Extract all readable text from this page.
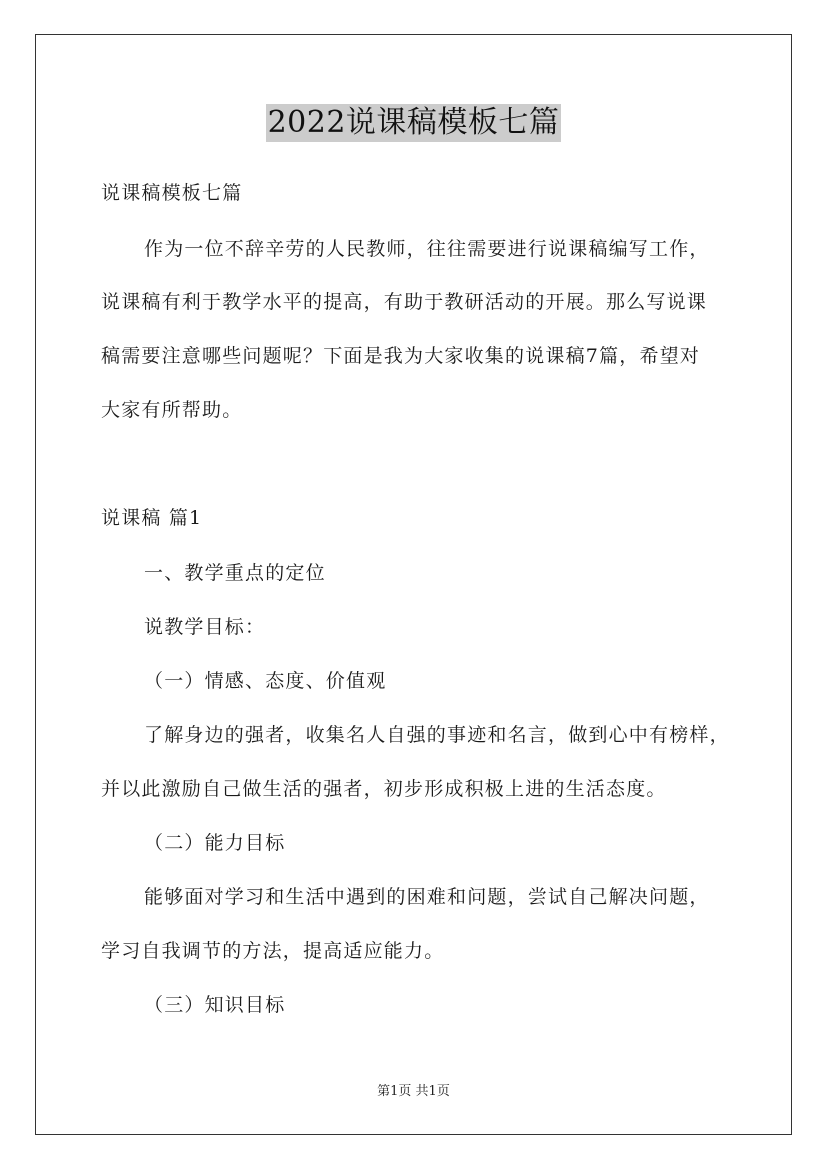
2022说课稿模板七篇
说课稿模板七篇
作为一位不辞辛劳的人民教师，往往需要进行说课稿编写工作，
说课稿有利于教学水平的提高，有助于教研活动的开展。那么写说课
稿需要注意哪些问题呢？下面是我为大家收集的说课稿7篇，希望对
大家有所帮助。
说课稿 篇1
一、教学重点的定位
说教学目标：
（一）情感、态度、价值观
了解身边的强者，收集名人自强的事迹和名言，做到心中有榜样，
并以此激励自己做生活的强者，初步形成积极上进的生活态度。
（二）能力目标
能够面对学习和生活中遇到的困难和问题，尝试自己解决问题，
学习自我调节的方法，提高适应能力。
（三）知识目标
第1页 共1页
